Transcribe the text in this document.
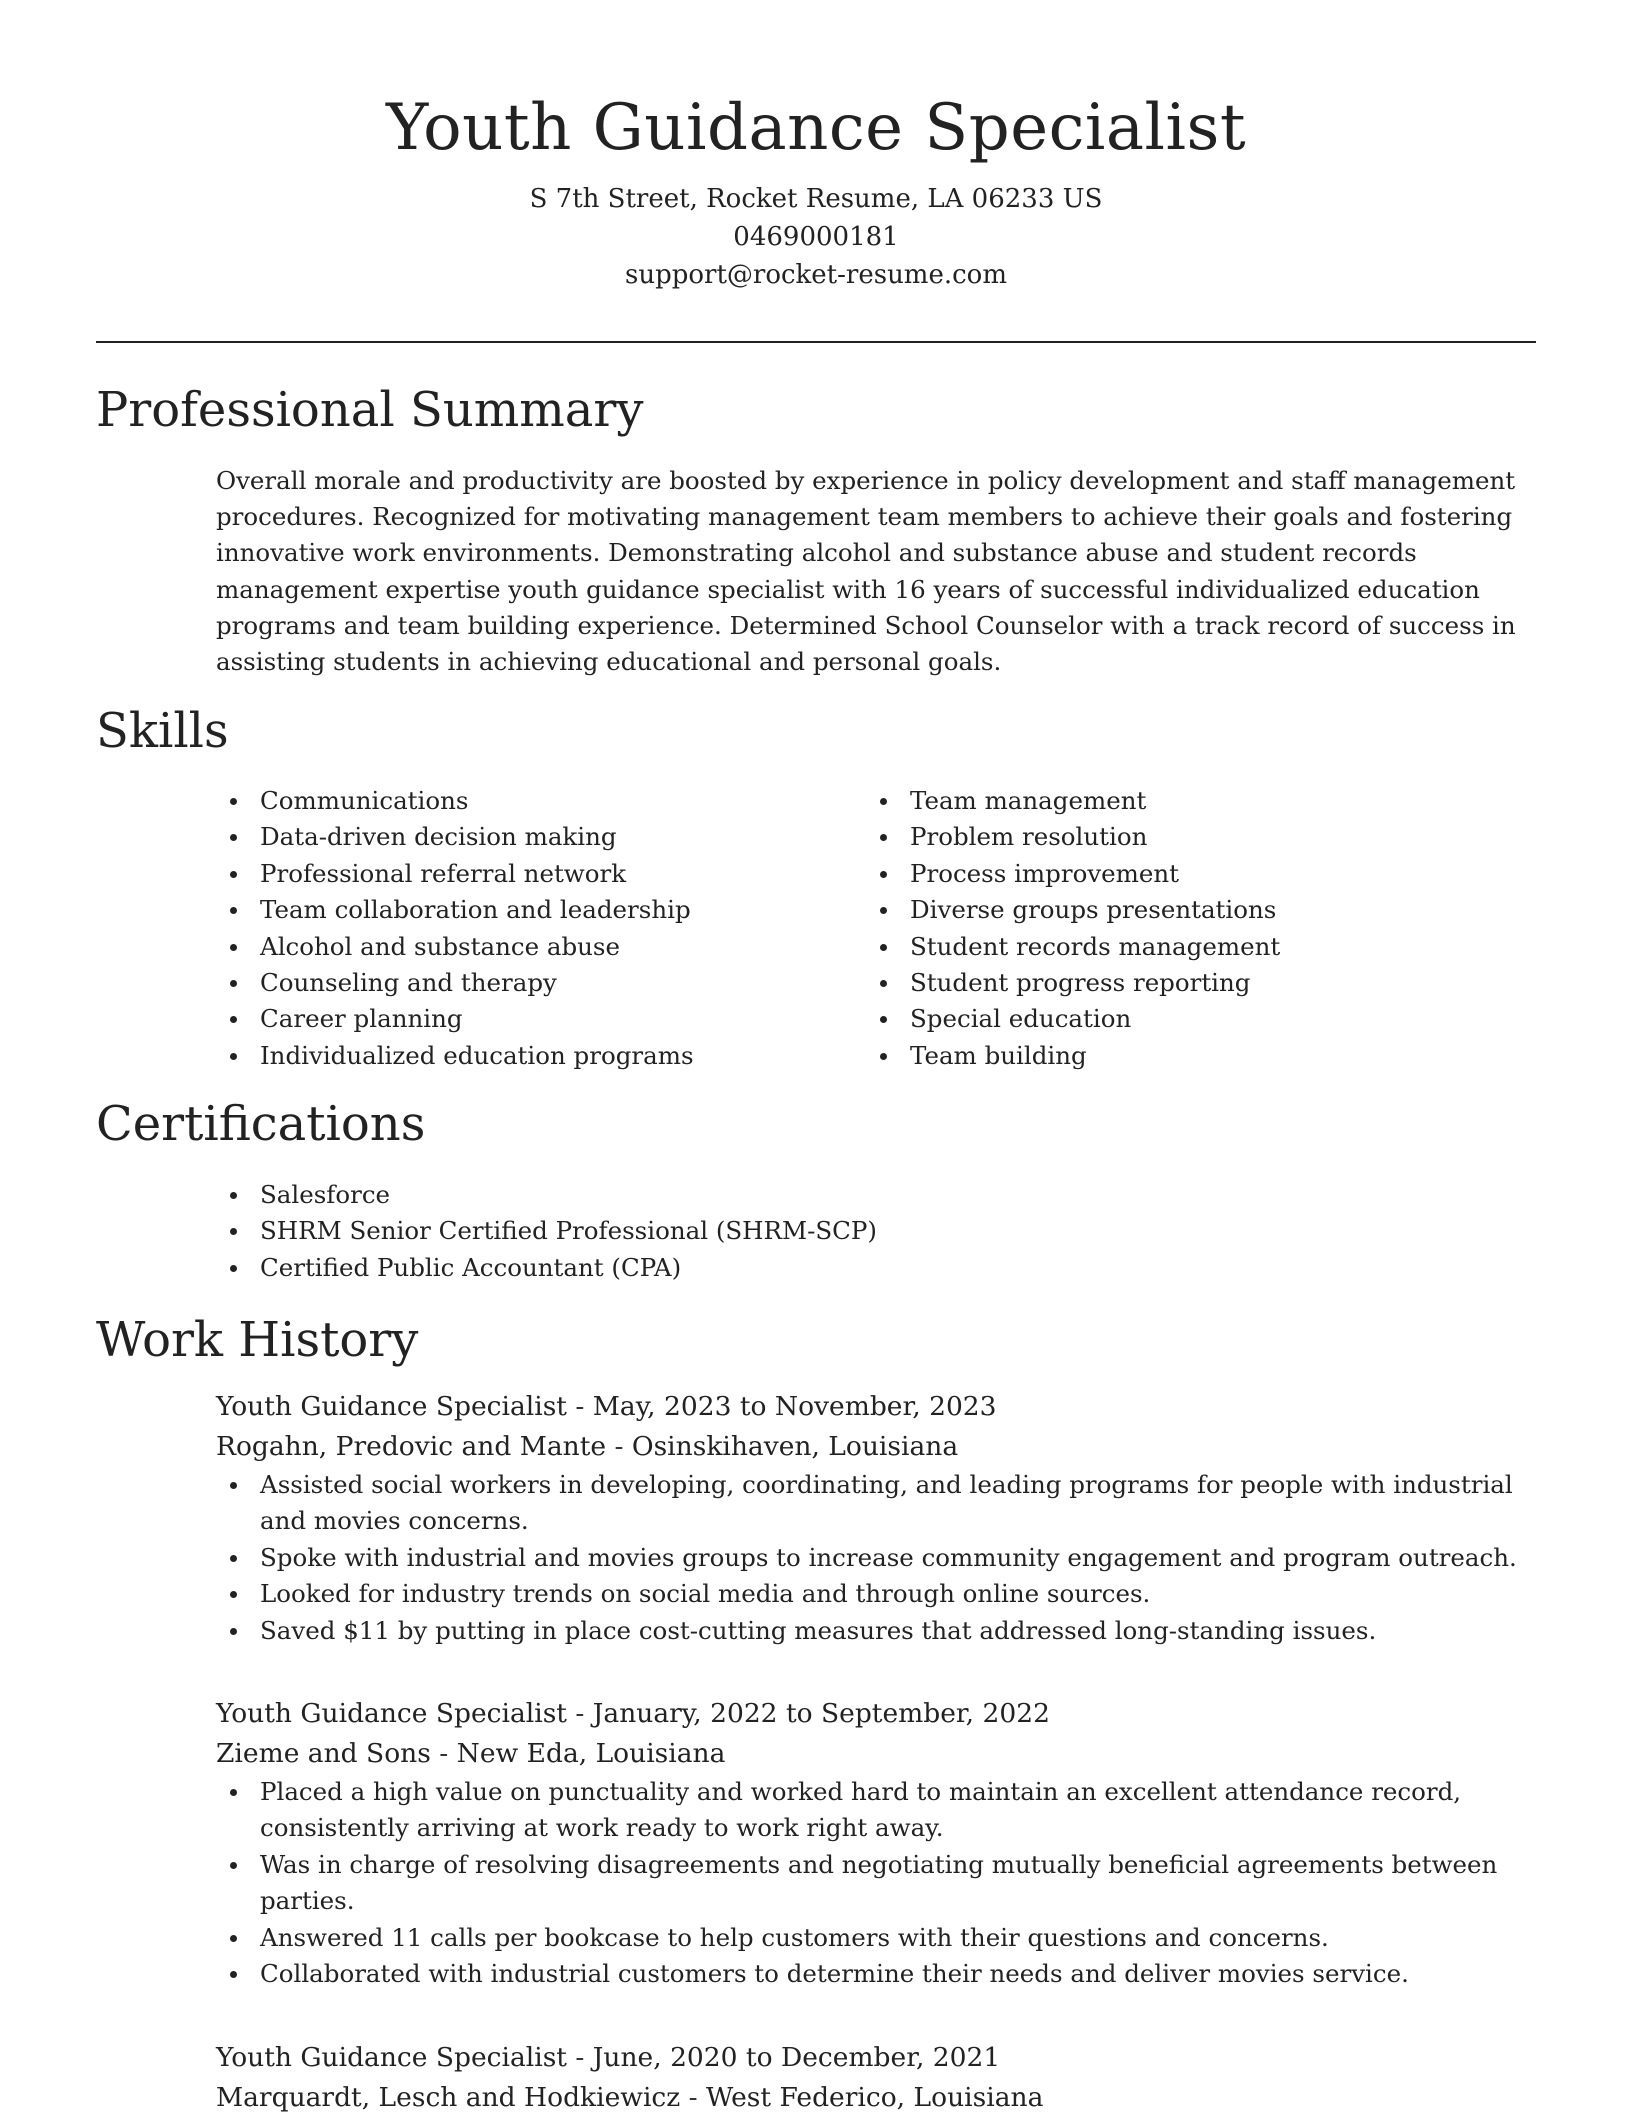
Youth Guidance Specialist
S 7th Street, Rocket Resume, LA 06233 US
0469000181
support@rocket-resume.com
Professional Summary
Overall morale and productivity are boosted by experience in policy development and staff management procedures. Recognized for motivating management team members to achieve their goals and fostering innovative work environments. Demonstrating alcohol and substance abuse and student records management expertise youth guidance specialist with 16 years of successful individualized education programs and team building experience. Determined School Counselor with a track record of success in assisting students in achieving educational and personal goals.
Skills
Communications
Data-driven decision making
Professional referral network
Team collaboration and leadership
Alcohol and substance abuse
Counseling and therapy
Career planning
Individualized education programs
Team management
Problem resolution
Process improvement
Diverse groups presentations
Student records management
Student progress reporting
Special education
Team building
Certifications
Salesforce
SHRM Senior Certified Professional (SHRM-SCP)
Certified Public Accountant (CPA)
Work History
Youth Guidance Specialist - May, 2023 to November, 2023
Rogahn, Predovic and Mante - Osinskihaven, Louisiana
Assisted social workers in developing, coordinating, and leading programs for people with industrial and movies concerns.
Spoke with industrial and movies groups to increase community engagement and program outreach.
Looked for industry trends on social media and through online sources.
Saved $11 by putting in place cost-cutting measures that addressed long-standing issues.
Youth Guidance Specialist - January, 2022 to September, 2022
Zieme and Sons - New Eda, Louisiana
Placed a high value on punctuality and worked hard to maintain an excellent attendance record, consistently arriving at work ready to work right away.
Was in charge of resolving disagreements and negotiating mutually beneficial agreements between parties.
Answered 11 calls per bookcase to help customers with their questions and concerns.
Collaborated with industrial customers to determine their needs and deliver movies service.
Youth Guidance Specialist - June, 2020 to December, 2021
Marquardt, Lesch and Hodkiewicz - West Federico, Louisiana
